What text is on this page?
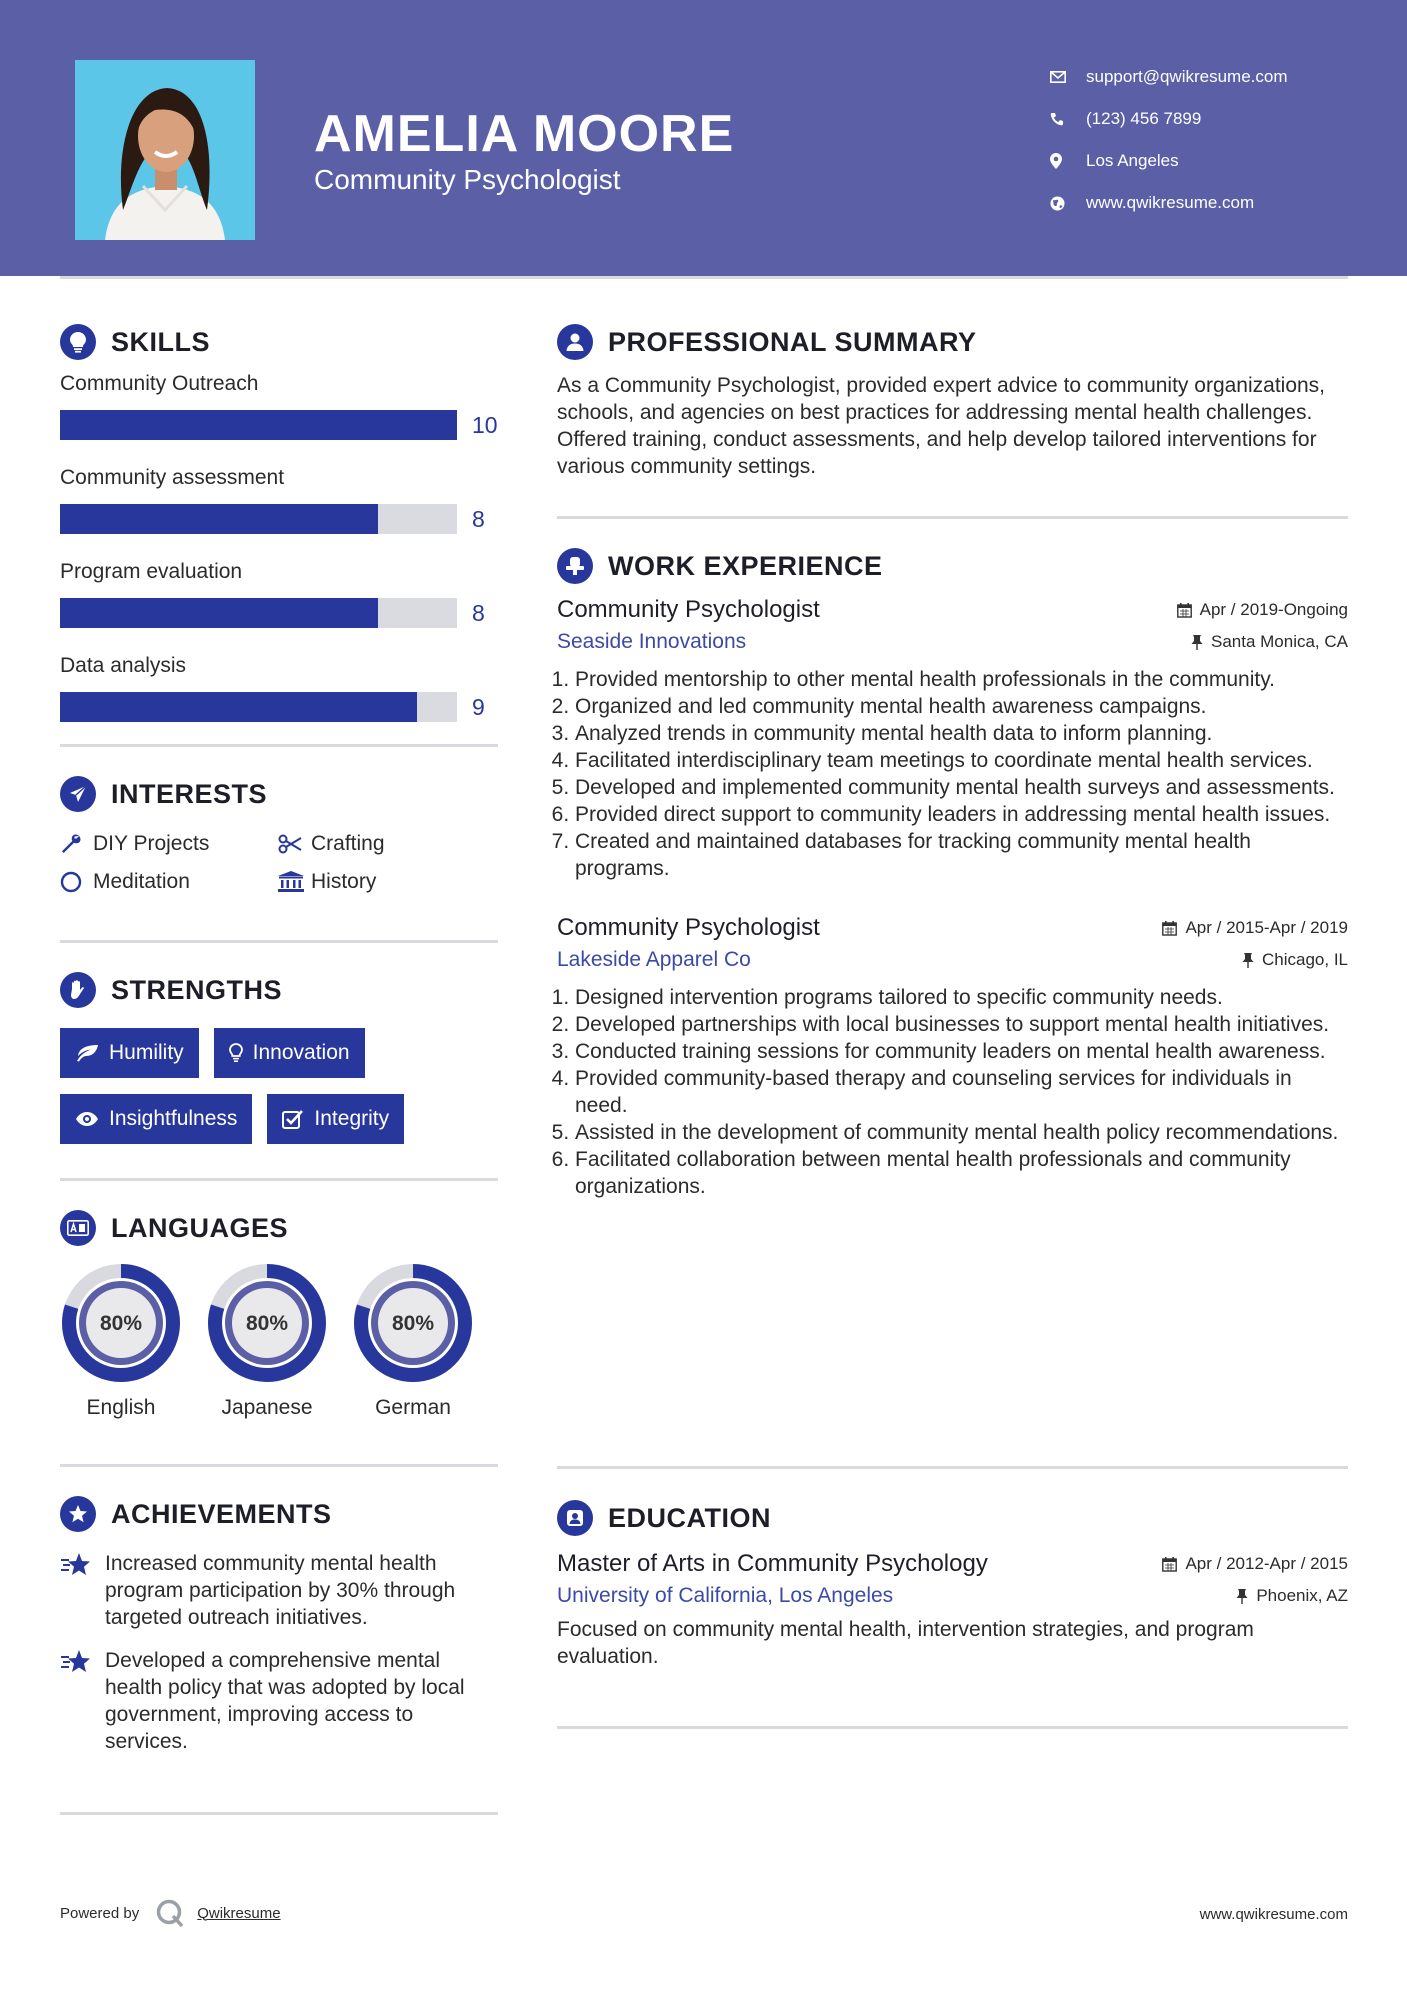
AMELIA MOORE
Community Psychologist
support@qwikresume.com
(123) 456 7899
Los Angeles
www.qwikresume.com
SKILLS
Community Outreach
10
Community assessment
8
Program evaluation
8
Data analysis
9
INTERESTS
DIY Projects	Crafting
Meditation	History
STRENGTHS
Humility	Innovation
Insightfulness	Integrity
LANGUAGES
80%
English
80%
Japanese
80%
German
ACHIEVEMENTS
Increased community mental health program participation by 30% through targeted outreach initiatives.
Developed a comprehensive mental health policy that was adopted by local government, improving access to services.
PROFESSIONAL SUMMARY
As a Community Psychologist, provided expert advice to community organizations, schools, and agencies on best practices for addressing mental health challenges. Offered training, conduct assessments, and help develop tailored interventions for various community settings.
WORK EXPERIENCE
Community Psychologist	Apr / 2019-Ongoing
Seaside Innovations	Santa Monica, CA
1. Provided mentorship to other mental health professionals in the community.
2. Organized and led community mental health awareness campaigns.
3. Analyzed trends in community mental health data to inform planning.
4. Facilitated interdisciplinary team meetings to coordinate mental health services.
5. Developed and implemented community mental health surveys and assessments.
6. Provided direct support to community leaders in addressing mental health issues.
7. Created and maintained databases for tracking community mental health programs.
Community Psychologist	Apr / 2015-Apr / 2019
Lakeside Apparel Co	Chicago, IL
1. Designed intervention programs tailored to specific community needs.
2. Developed partnerships with local businesses to support mental health initiatives.
3. Conducted training sessions for community leaders on mental health awareness.
4. Provided community-based therapy and counseling services for individuals in need.
5. Assisted in the development of community mental health policy recommendations.
6. Facilitated collaboration between mental health professionals and community organizations.
EDUCATION
Master of Arts in Community Psychology	Apr / 2012-Apr / 2015
University of California, Los Angeles	Phoenix, AZ
Focused on community mental health, intervention strategies, and program evaluation.
Powered by	Qwikresume	www.qwikresume.com
